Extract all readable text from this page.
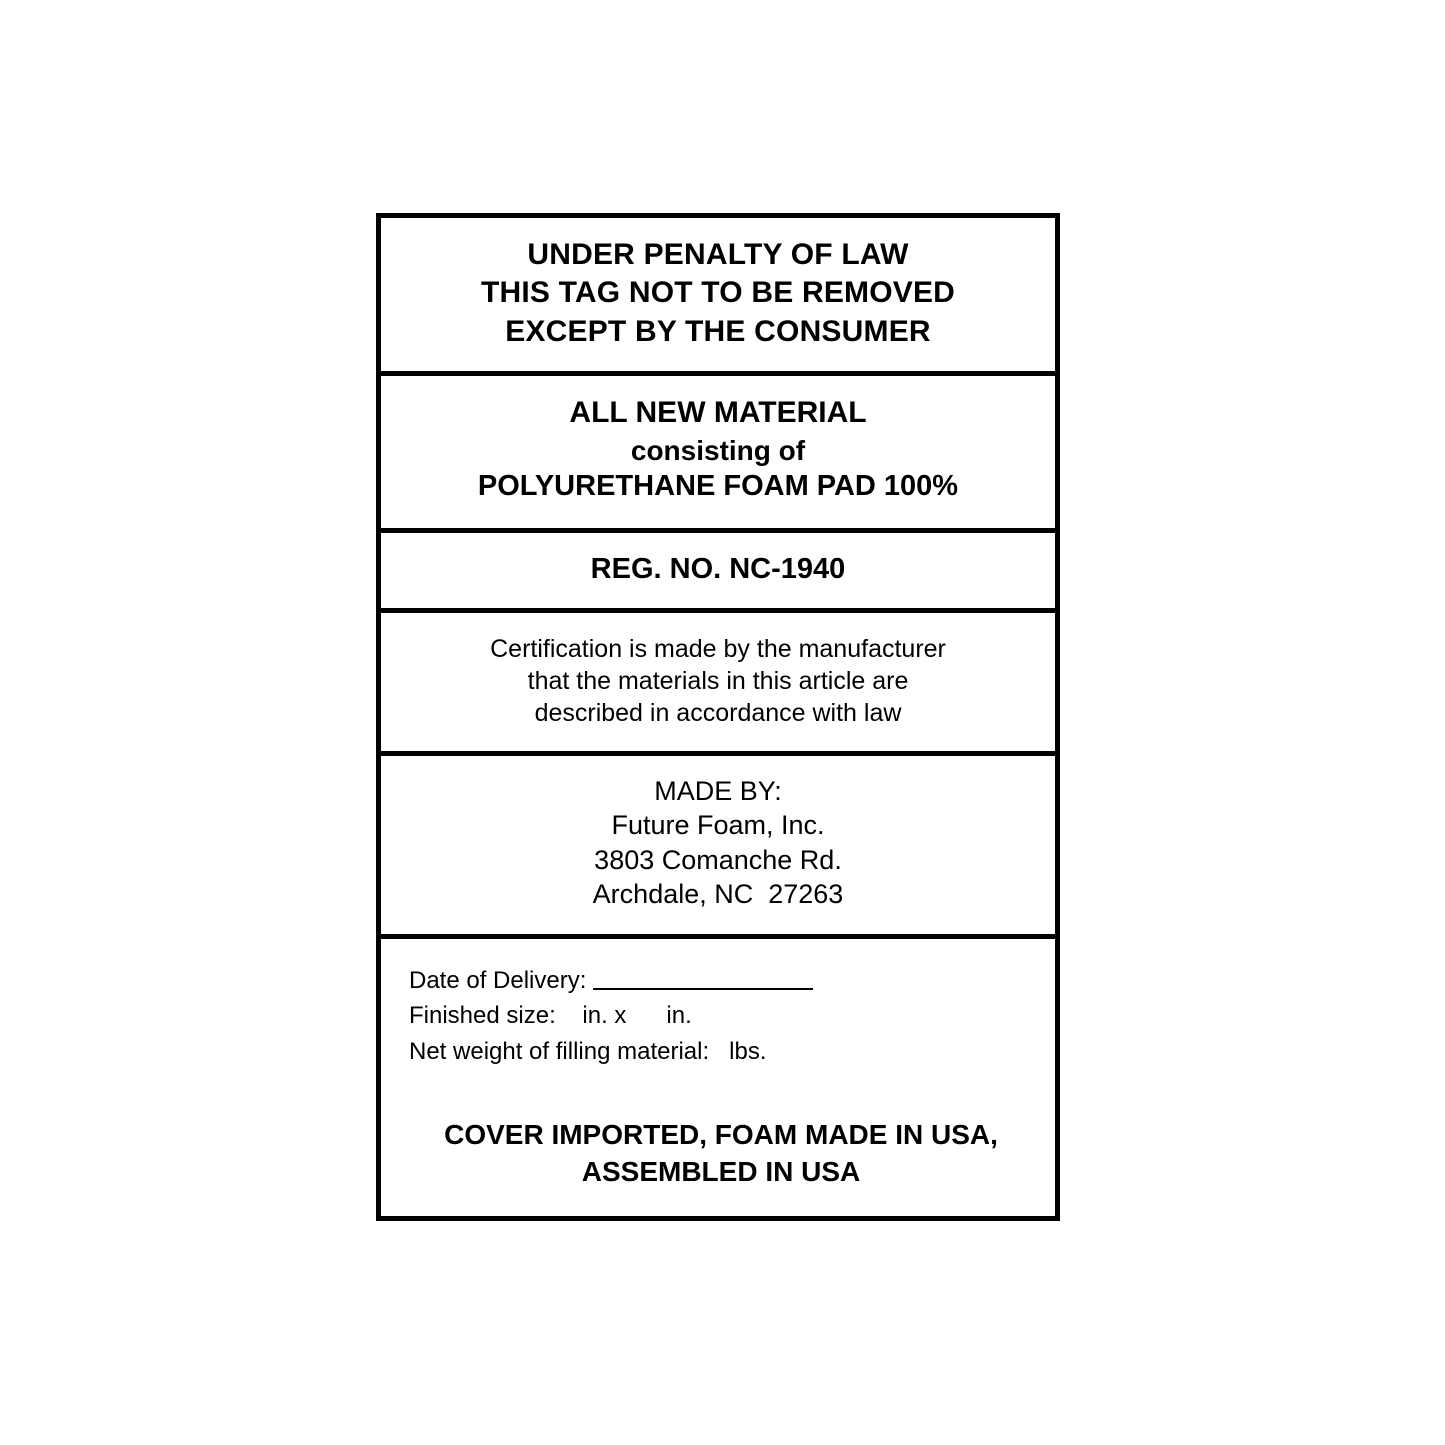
UNDER PENALTY OF LAW
THIS TAG NOT TO BE REMOVED
EXCEPT BY THE CONSUMER
ALL NEW MATERIAL
consisting of
POLYURETHANE FOAM PAD 100%
REG. NO. NC-1940
Certification is made by the manufacturer
that the materials in this article are
described in accordance with law
MADE BY:
Future Foam, Inc.
3803 Comanche Rd.
Archdale, NC  27263
Date of Delivery:
Finished size: in. x      in.
Net weight of filling material: lbs.
COVER IMPORTED, FOAM MADE IN USA,
ASSEMBLED IN USA
